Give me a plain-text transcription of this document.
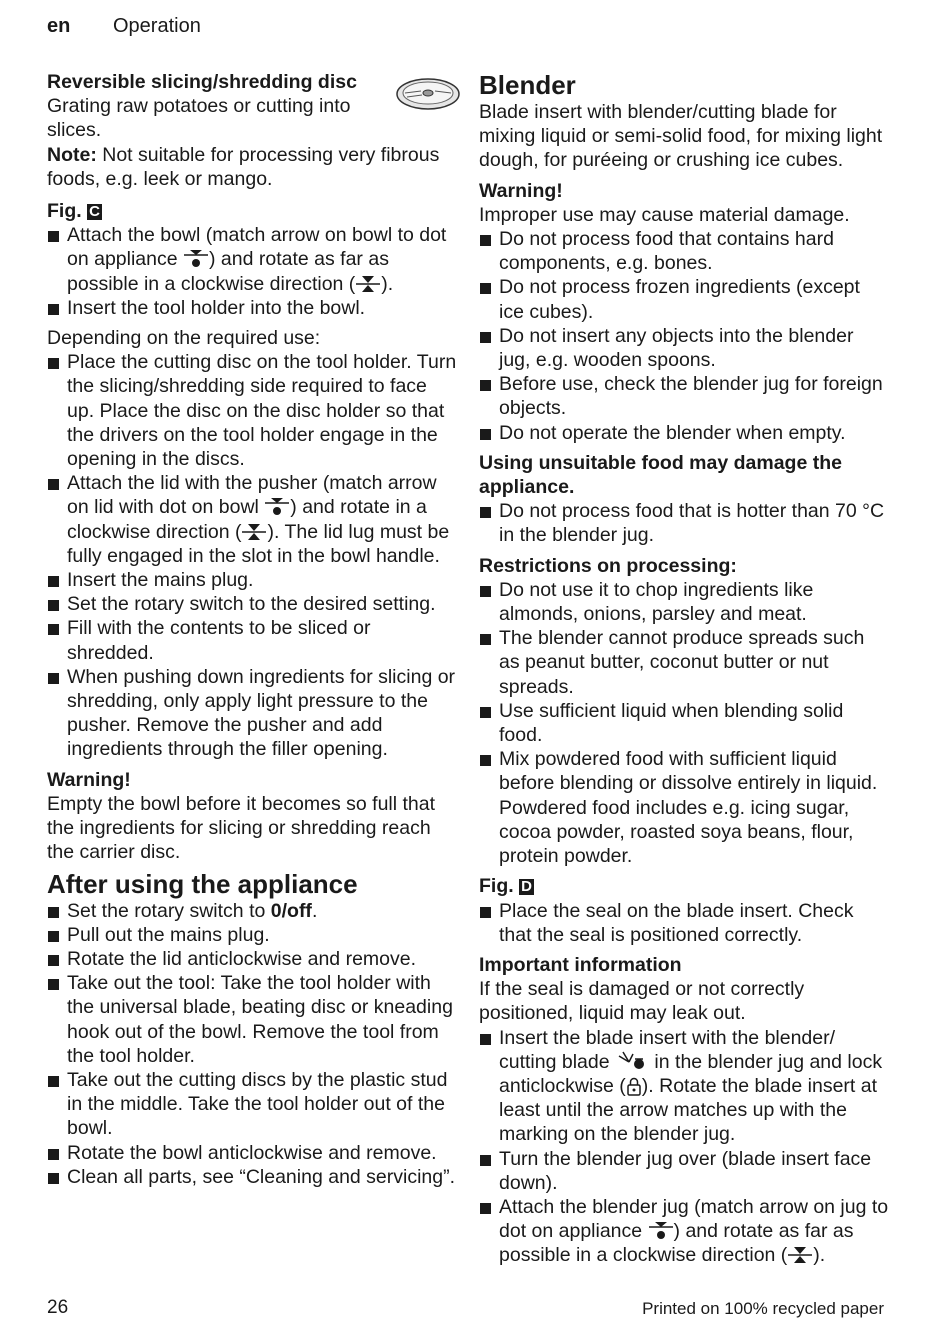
en Operation

Reversible slicing/shredding disc

Grating raw potatoes or cutting into slices.

Note: Not suitable for processing very fibrous foods, e.g. leek or mango.

Fig. C

Attach the bowl (match arrow on bowl to dot on appliance ) and rotate as far as possible in a clockwise direction ( ).
Insert the tool holder into the bowl.

Depending on the required use:

Place the cutting disc on the tool holder. Turn the slicing/shredding side required to face up. Place the disc on the disc holder so that the drivers on the tool holder engage in the opening in the discs.
Attach the lid with the pusher (match arrow on lid with dot on bowl ) and rotate in a clockwise direction ( ). The lid lug must be fully engaged in the slot in the bowl handle.
Insert the mains plug.
Set the rotary switch to the desired setting.
Fill with the contents to be sliced or shredded.
When pushing down ingredients for slicing or shredding, only apply light pressure to the pusher. Remove the pusher and add ingredients through the filler opening.

Warning!

Empty the bowl before it becomes so full that the ingredients for slicing or shredding reach the carrier disc.

After using the appliance

Set the rotary switch to 0/off.
Pull out the mains plug.
Rotate the lid anticlockwise and remove.
Take out the tool: Take the tool holder with the universal blade, beating disc or kneading hook out of the bowl. Remove the tool from the tool holder.
Take out the cutting discs by the plastic stud in the middle. Take the tool holder out of the bowl.
Rotate the bowl anticlockwise and remove.
Clean all parts, see “Cleaning and servicing”.

Blender

Blade insert with blender/cutting blade for mixing liquid or semi-solid food, for mixing light dough, for puréeing or crushing ice cubes.

Warning!

Improper use may cause material damage.

Do not process food that contains hard components, e.g. bones.
Do not process frozen ingredients (except ice cubes).
Do not insert any objects into the blender jug, e.g. wooden spoons.
Before use, check the blender jug for foreign objects.
Do not operate the blender when empty.

Using unsuitable food may damage the appliance.

Do not process food that is hotter than 70 °C in the blender jug.

Restrictions on processing:

Do not use it to chop ingredients like almonds, onions, parsley and meat.
The blender cannot produce spreads such as peanut butter, coconut butter or nut spreads.
Use sufficient liquid when blending solid food.
Mix powdered food with sufficient liquid before blending or dissolve entirely in liquid. Powdered food includes e.g. icing sugar, cocoa powder, roasted soya beans, flour, protein powder.

Fig. D

Place the seal on the blade insert. Check that the seal is positioned correctly.

Important information

If the seal is damaged or not correctly positioned, liquid may leak out.

Insert the blade insert with the blender/ cutting blade  in the blender jug and lock anticlockwise ( ). Rotate the blade insert at least until the arrow matches up with the marking on the blender jug.
Turn the blender jug over (blade insert face down).
Attach the blender jug (match arrow on jug to dot on appliance ) and rotate as far as possible in a clockwise direction ( ).
26	Printed on 100% recycled paper
